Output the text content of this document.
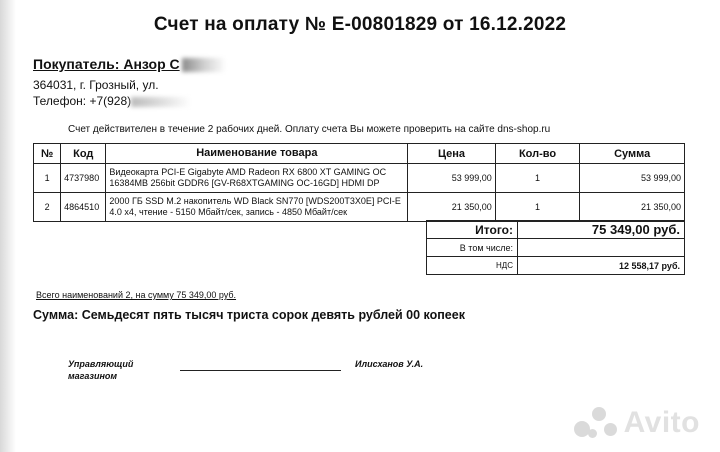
Счет на оплату № E-00801829 от 16.12.2022
Покупатель: Анзор С
364031, г. Грозный, ул.
Телефон: +7(928)
Счет действителен в течение 2 рабочих дней. Оплату счета Вы можете проверить на сайте dns-shop.ru
№	Код	Наименование товара	Цена	Кол-во	Сумма
1	4737980	Видеокарта PCI-E Gigabyte AMD Radeon RX 6800 XT GAMING OC 16384MB 256bit GDDR6 [GV-R68XTGAMING OC-16GD] HDMI DP	53 999,00	1	53 999,00
2	4864510	2000 ГБ SSD M.2 накопитель WD Black SN770 [WDS200T3X0E] PCI-E 4.0 x4, чтение - 5150 Мбайт/сек, запись - 4850 Мбайт/сек	21 350,00	1	21 350,00
Итого:	75 349,00 руб.
В том числе:	
НДС	12 558,17 руб.
Всего наименований 2, на сумму 75 349,00 руб.
Сумма: Семьдесят пять тысяч триста сорок девять рублей 00 копеек
Управляющий магазином
Илисханов У.А.
Avito
